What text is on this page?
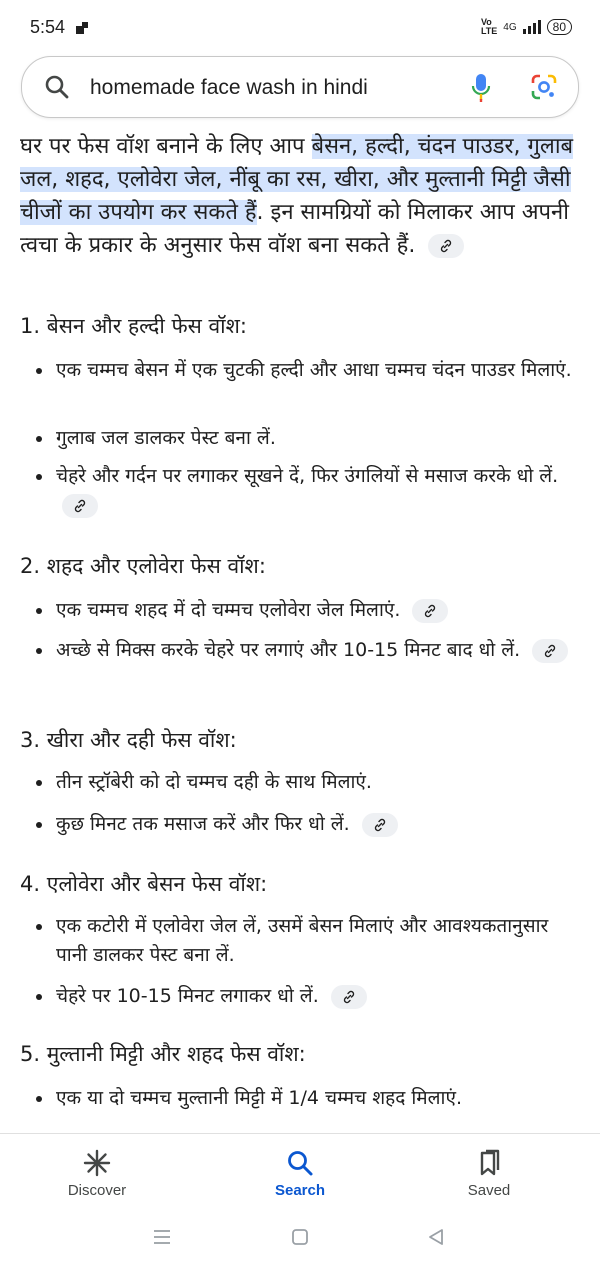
5:54	Vo
LTE 4G	80
homemade face wash in hindi
घर पर फेस वॉश बनाने के लिए आप बेसन, हल्दी, चंदन पाउडर, गुलाब जल, शहद, एलोवेरा जेल, नींबू का रस, खीरा, और मुल्तानी मिट्टी जैसी चीजों का उपयोग कर सकते हैं. इन सामग्रियों को मिलाकर आप अपनी त्वचा के प्रकार के अनुसार फेस वॉश बना सकते हैं.
1. बेसन और हल्दी फेस वॉश:
एक चम्मच बेसन में एक चुटकी हल्दी और आधा चम्मच चंदन पाउडर मिलाएं.
गुलाब जल डालकर पेस्ट बना लें.
चेहरे और गर्दन पर लगाकर सूखने दें, फिर उंगलियों से मसाज करके धो लें.
2. शहद और एलोवेरा फेस वॉश:
एक चम्मच शहद में दो चम्मच एलोवेरा जेल मिलाएं.
अच्छे से मिक्स करके चेहरे पर लगाएं और 10-15 मिनट बाद धो लें.
3. खीरा और दही फेस वॉश:
तीन स्ट्रॉबेरी को दो चम्मच दही के साथ मिलाएं.
कुछ मिनट तक मसाज करें और फिर धो लें.
4. एलोवेरा और बेसन फेस वॉश:
एक कटोरी में एलोवेरा जेल लें, उसमें बेसन मिलाएं और आवश्यकतानुसार पानी डालकर पेस्ट बना लें.
चेहरे पर 10-15 मिनट लगाकर धो लें.
5. मुल्तानी मिट्टी और शहद फेस वॉश:
एक या दो चम्मच मुल्तानी मिट्टी में 1/4 चम्मच शहद मिलाएं.
Discover	Search	Saved
